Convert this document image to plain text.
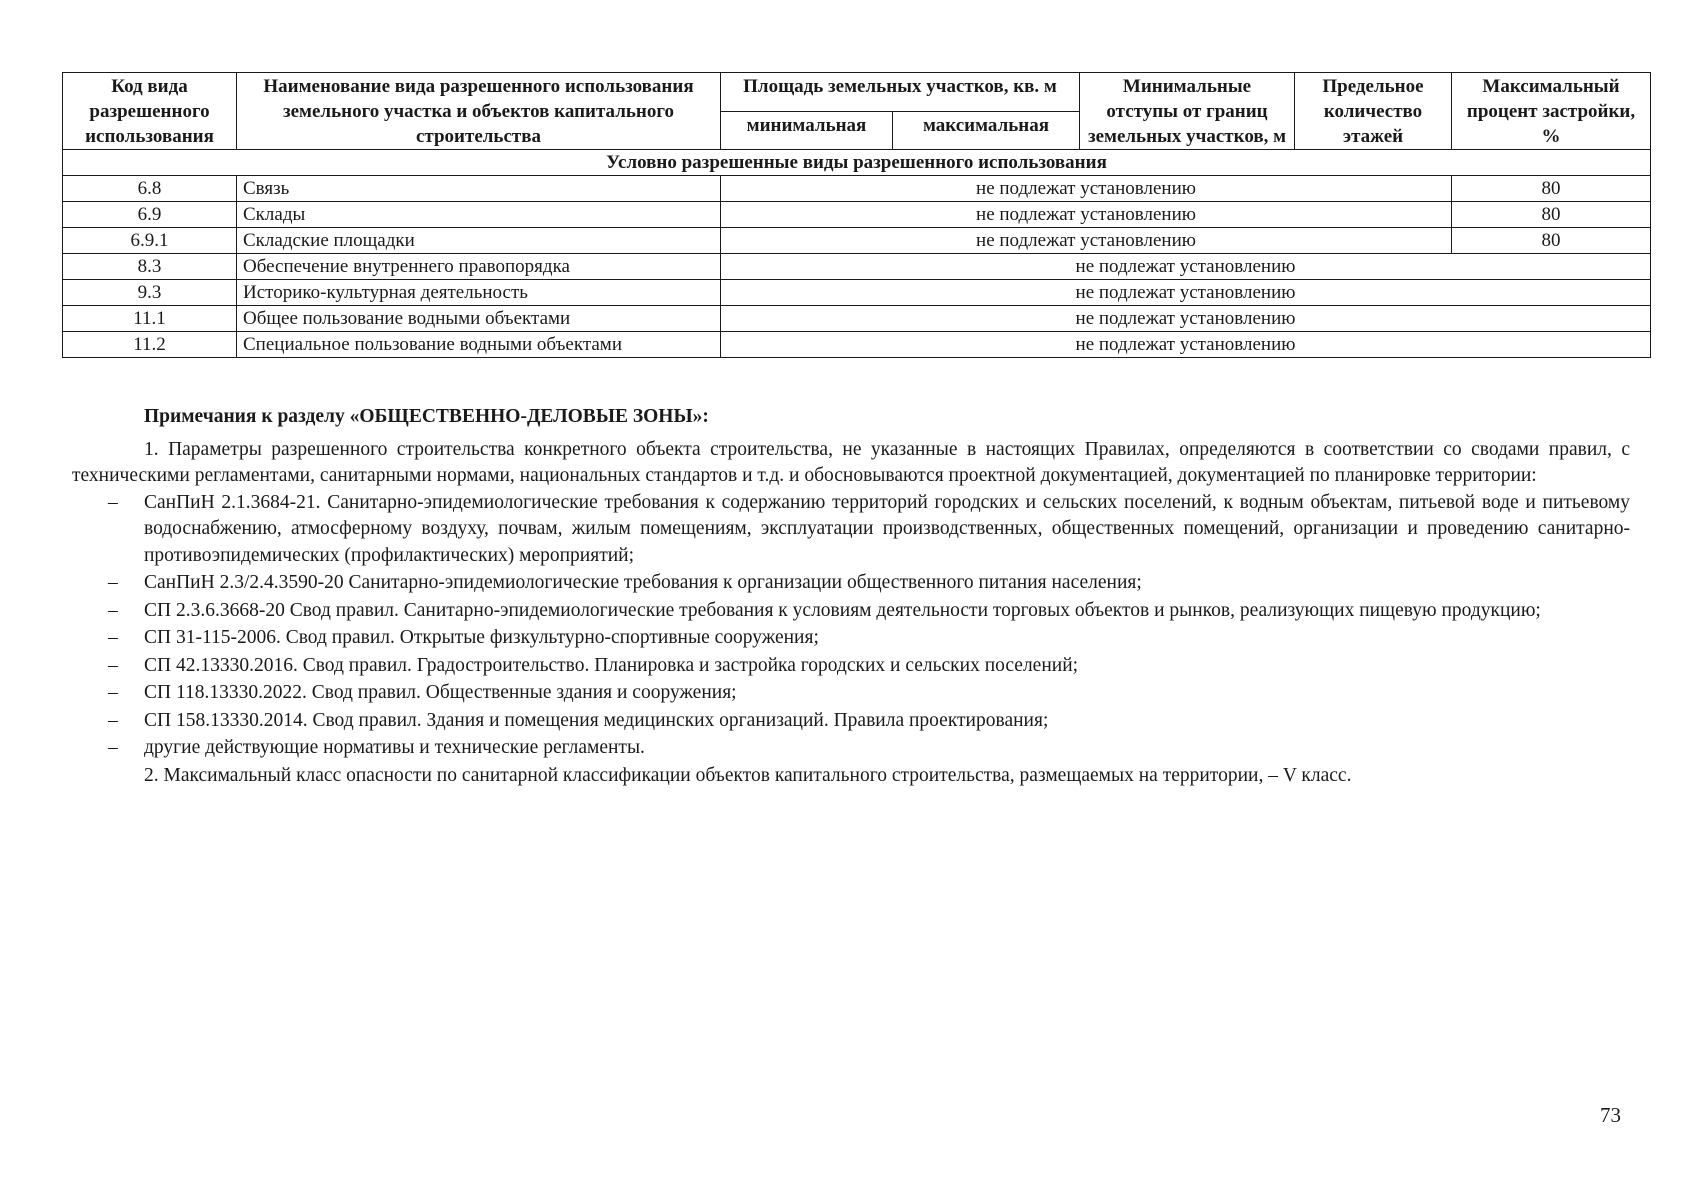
Код вида разрешенного использования	Наименование вида разрешенного использования земельного участка и объектов капитального строительства	Площадь земельных участков, кв. м		Минимальные отступы от границ земельных участков, м	Предельное количество этажей	Максимальный процент застройки, %
		минимальная	максимальная			
Условно разрешенные виды разрешенного использования						
6.8	Связь	не подлежат установлению				80
6.9	Склады	не подлежат установлению				80
6.9.1	Складские площадки	не подлежат установлению				80
8.3	Обеспечение внутреннего правопорядка	не подлежат установлению				
9.3	Историко-культурная деятельность	не подлежат установлению				
11.1	Общее пользование водными объектами	не подлежат установлению				
11.2	Специальное пользование водными объектами	не подлежат установлению				
Примечания к разделу «ОБЩЕСТВЕННО-ДЕЛОВЫЕ ЗОНЫ»:

1. Параметры разрешенного строительства конкретного объекта строительства, не указанные в настоящих Правилах, определяются в соответствии со сводами правил, с техническими регламентами, санитарными нормами, национальных стандартов и т.д. и обосновываются проектной документацией, документацией по планировке территории:

– СанПиН 2.1.3684-21. Санитарно-эпидемиологические требования к содержанию территорий городских и сельских поселений, к водным объектам, питьевой воде и питьевому водоснабжению, атмосферному воздуху, почвам, жилым помещениям, эксплуатации производственных, общественных помещений, организации и проведению санитарно-противоэпидемических (профилактических) мероприятий;
– СанПиН 2.3/2.4.3590-20 Санитарно-эпидемиологические требования к организации общественного питания населения;
– СП 2.3.6.3668-20 Свод правил. Санитарно-эпидемиологические требования к условиям деятельности торговых объектов и рынков, реализующих пищевую продукцию;
– СП 31-115-2006. Свод правил. Открытые физкультурно-спортивные сооружения;
– СП 42.13330.2016. Свод правил. Градостроительство. Планировка и застройка городских и сельских поселений;
– СП 118.13330.2022. Свод правил. Общественные здания и сооружения;
– СП 158.13330.2014. Свод правил. Здания и помещения медицинских организаций. Правила проектирования;
– другие действующие нормативы и технические регламенты.

2. Максимальный класс опасности по санитарной классификации объектов капитального строительства, размещаемых на территории, – V класс.

73
